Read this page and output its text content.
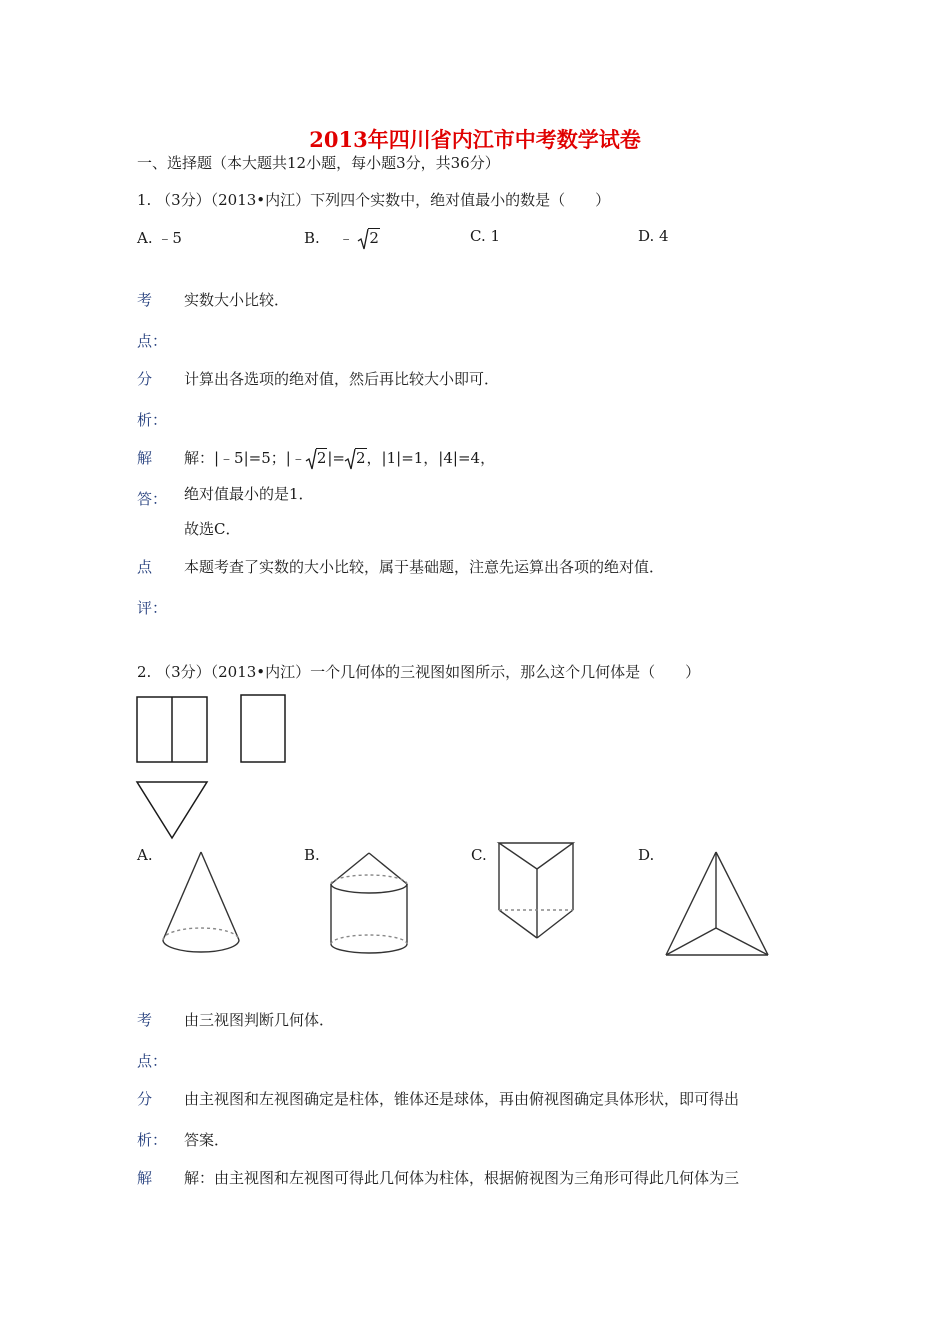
2013年四川省内江市中考数学试卷
一、选择题（本大题共12小题，每小题3分，共36分）
1. （3分）（2013•内江）下列四个实数中，绝对值最小的数是（　　）
A. ﹣5	B. ﹣ 2	C. 1	D. 4
考
点：
实数大小比较．
分
析：
计算出各选项的绝对值，然后再比较大小即可．
解
答：
解：|﹣5|=5；|﹣ 2|= 2，|1|=1，|4|=4，
绝对值最小的是1．
故选C．
点
评：
本题考查了实数的大小比较，属于基础题，注意先运算出各项的绝对值．
2. （3分）（2013•内江）一个几何体的三视图如图所示，那么这个几何体是（　　）
A.	B.	C.	D.
考
点：
由三视图判断几何体．
分
析：
由主视图和左视图确定是柱体，锥体还是球体，再由俯视图确定具体形状，即可得出
答案．
解 解：由主视图和左视图可得此几何体为柱体，根据俯视图为三角形可得此几何体为三
